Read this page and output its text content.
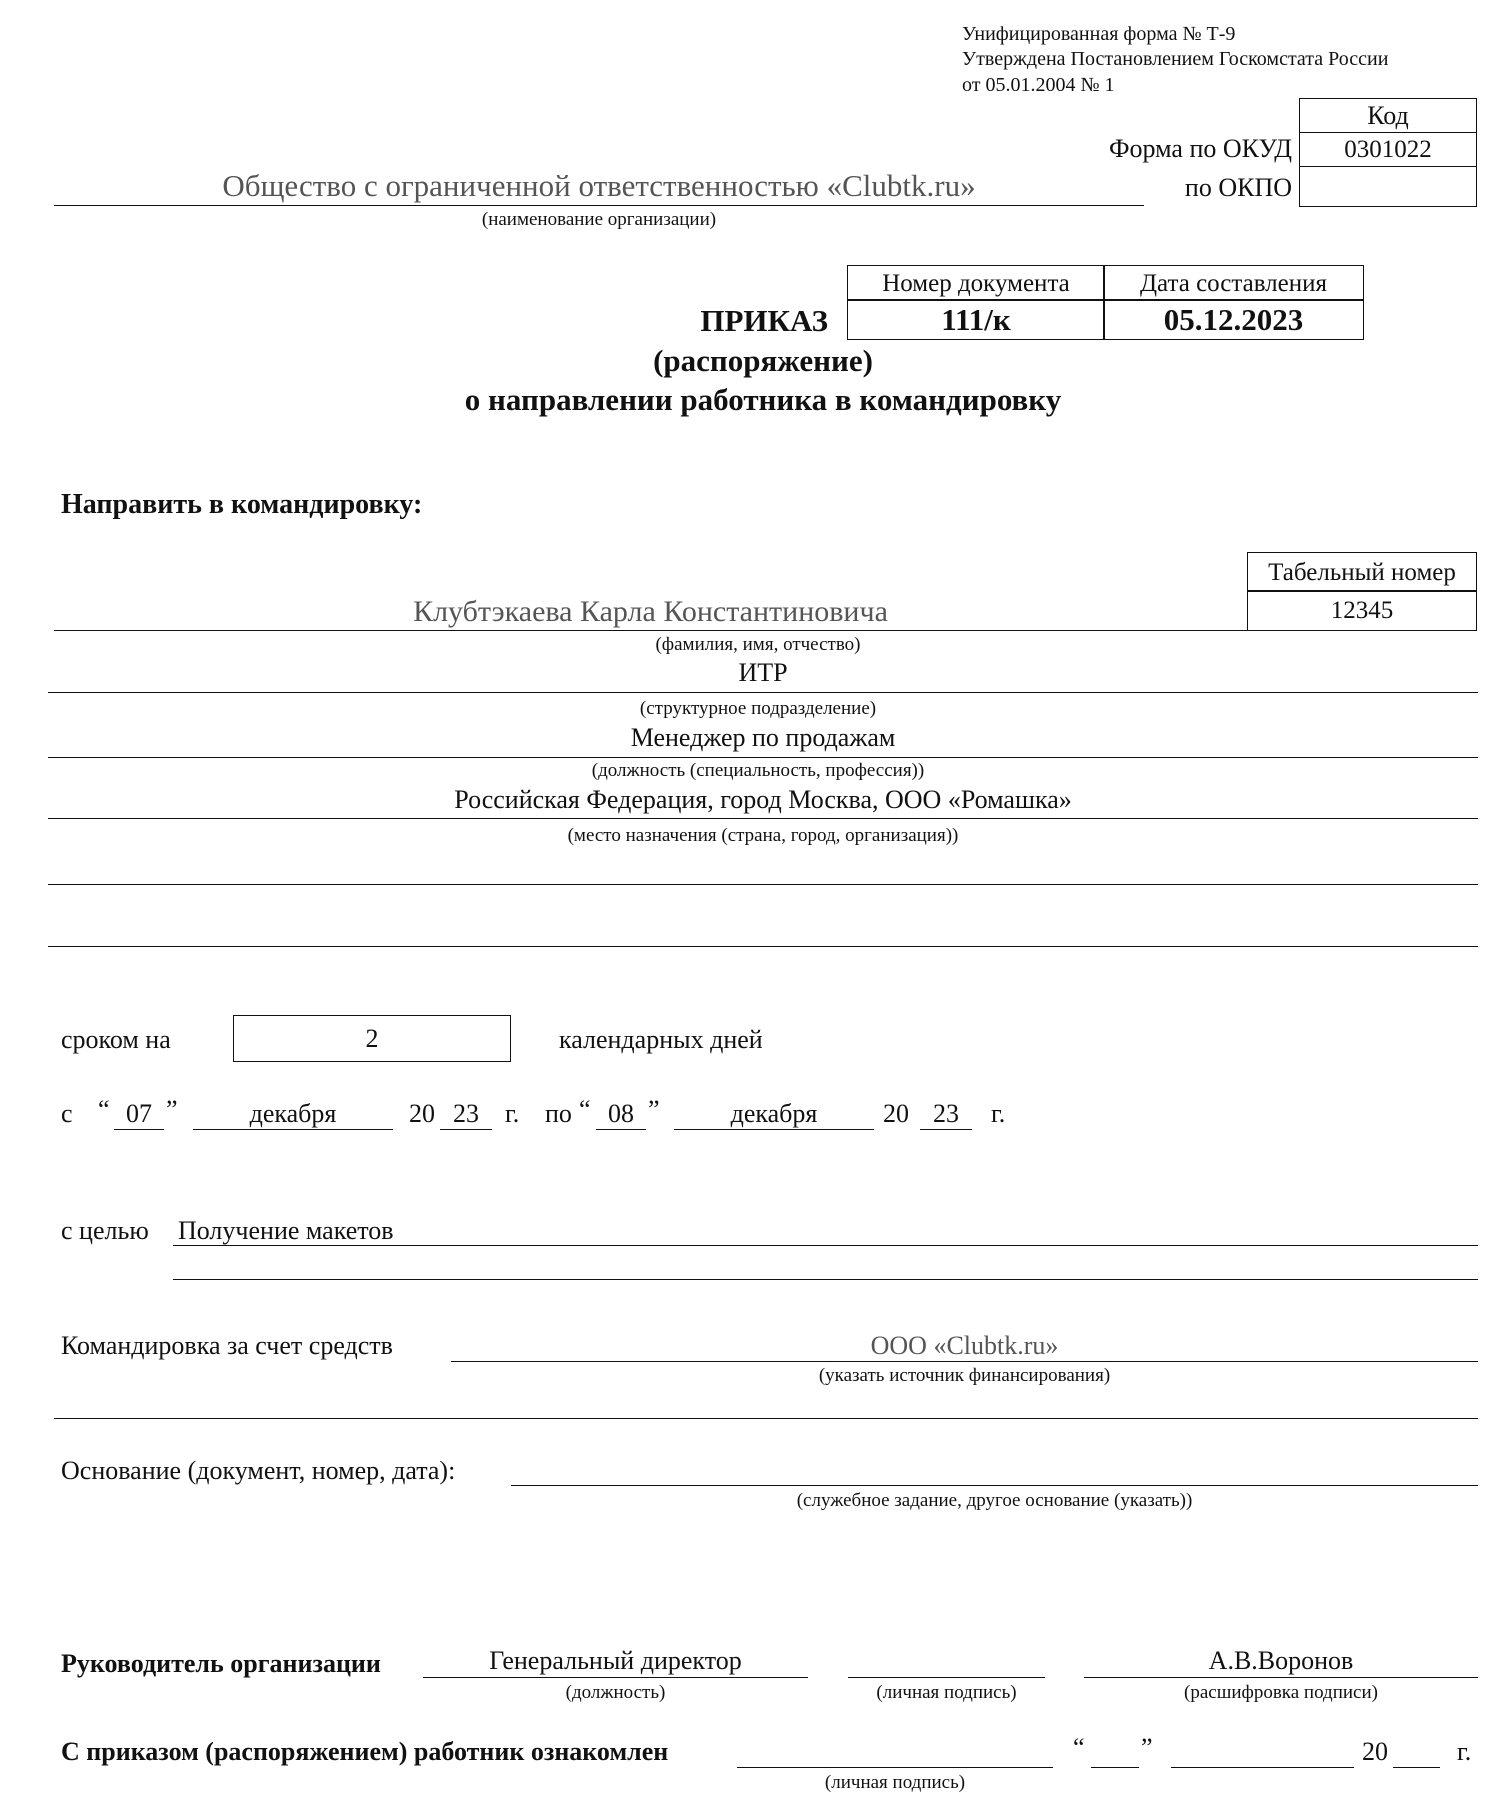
Унифицированная форма № Т-9
Утверждена Постановлением Госкомстата России
от 05.01.2004 № 1
Код
0301022
Форма по ОКУД
по ОКПО
Общество с ограниченной ответственностью «Clubtk.ru»
(наименование организации)
Номер документа	Дата составления
111/к	05.12.2023
ПРИКАЗ
(распоряжение)
о направлении работника в командировку
Направить в командировку:
Табельный номер
12345
Клубтэкаева Карла Константиновича
(фамилия, имя, отчество)
ИТР
(структурное подразделение)
Менеджер по продажам
(должность (специальность, профессия))
Российская Федерация, город Москва, ООО «Ромашка»
(место назначения (страна, город, организация))
сроком на	2	календарных дней
с “ 07 ”	декабря	20 23	г. по “ 08 ”	декабря	20 23	г.
с целью Получение макетов
Командировка за счет средств	ООО «Clubtk.ru»
(указать источник финансирования)
Основание (документ, номер, дата):
(служебное задание, другое основание (указать))
Руководитель организации	Генеральный директор
(должность)	(личная подпись)
А.В.Воронов
(расшифровка подписи)
С приказом (распоряжением) работник ознакомлен
(личная подпись)
“ ”	20	г.
